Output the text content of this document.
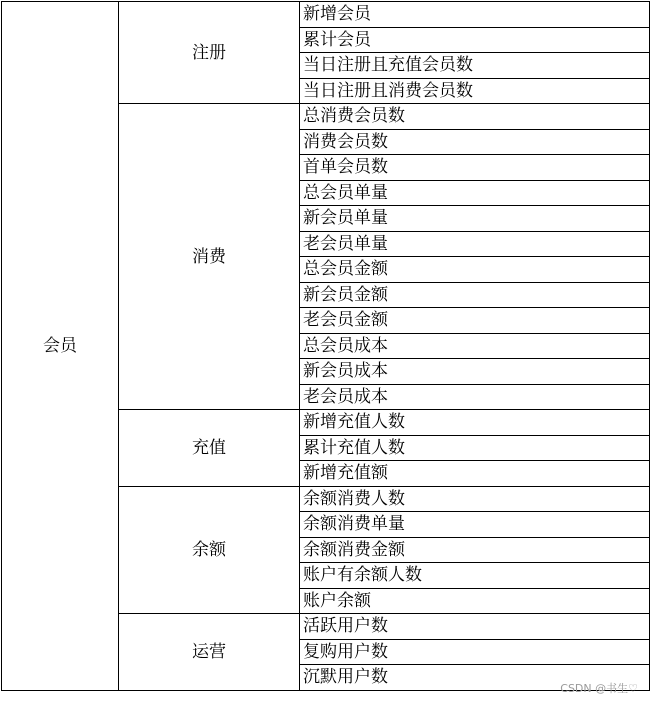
会员	注册	新增会员
		累计会员
		当日注册且充值会员数
		当日注册且消费会员数
	消费	总消费会员数
		消费会员数
		首单会员数
		总会员单量
		新会员单量
		老会员单量
		总会员金额
		新会员金额
		老会员金额
		总会员成本
		新会员成本
		老会员成本
	充值	新增充值人数
		累计充值人数
		新增充值额
	余额	余额消费人数
		余额消费单量
		余额消费金额
		账户有余额人数
		账户余额
	运营	活跃用户数
		复购用户数
		沉默用户数
CSDN @书生♡
